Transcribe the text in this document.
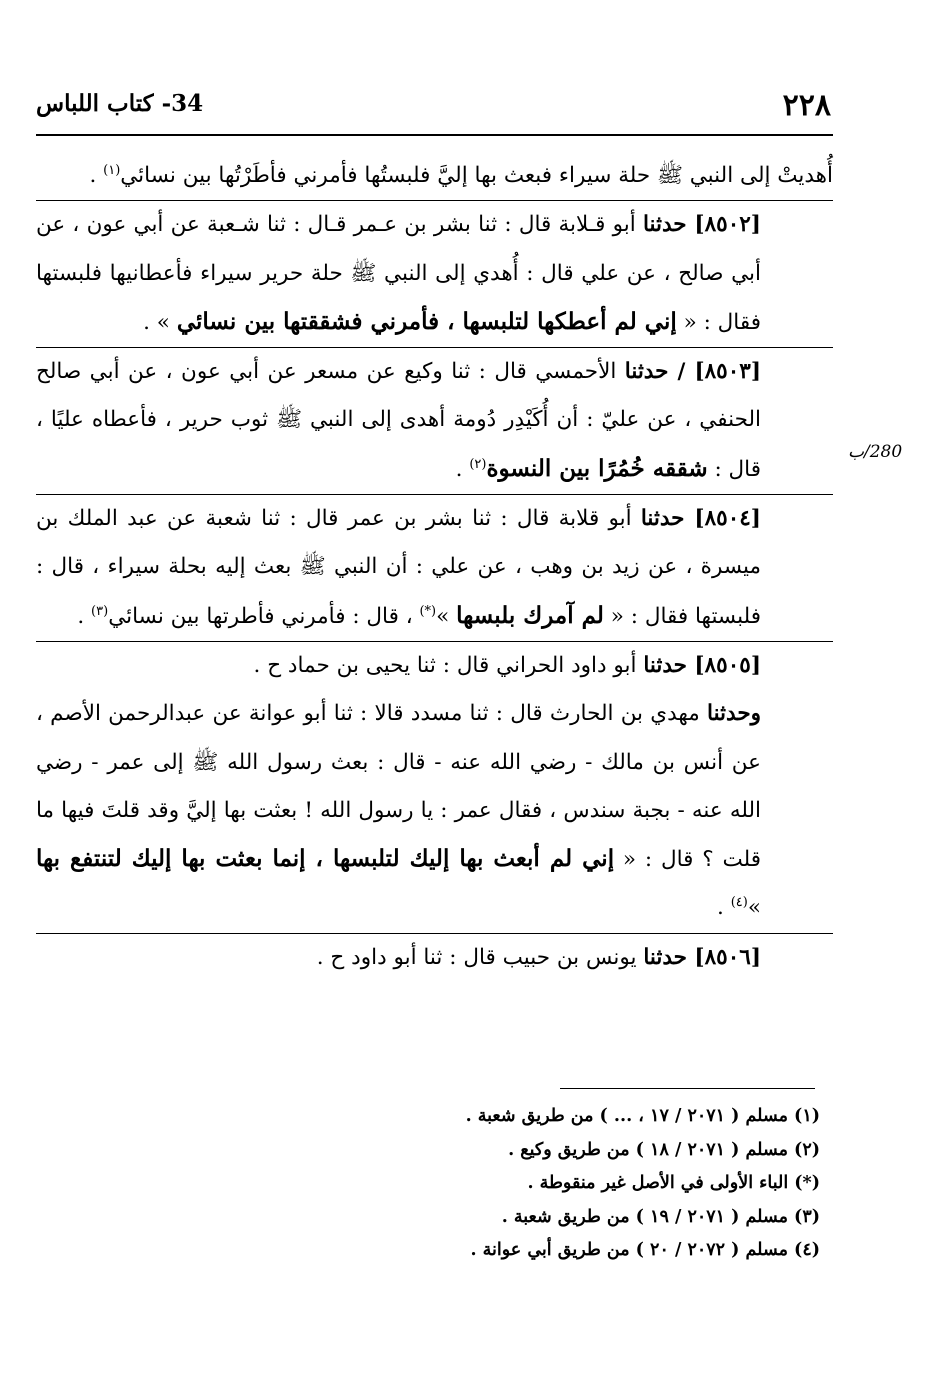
٢٢٨
34- كتاب اللباس
280/ب

أُهديتْ إلى النبي ﷺ حلة سيراء فبعث بها إليَّ فلبستُها فأمرني فأطَرْتُها بين نسائي$^{(١)}$ .

[٨٥٠٢] حدثنا أبو قـلابة قال : ثنا بشر بن عـمر قـال : ثنا شـعبة عن أبي عون ، عن أبي صالح ، عن علي قال : أُهدي إلى النبي ﷺ حلة حرير سيراء فأعطانيها فلبستها فقال : « إني لم أعطكها لتلبسها ، فأمرني فشققتها بين نسائي » .

[٨٥٠٣] / حدثنا الأحمسي قال : ثنا وكيع عن مسعر عن أبي عون ، عن أبي صالح الحنفي ، عن عليّ : أن أُكَيْدِر دُومة أهدى إلى النبي ﷺ ثوب حرير ، فأعطاه عليًا ، قال : شققه خُمُرًا بين النسوة$^{(٢)}$ .

[٨٥٠٤] حدثنا أبو قلابة قال : ثنا بشر بن عمر قال : ثنا شعبة عن عبد الملك بن ميسرة ، عن زيد بن وهب ، عن علي : أن النبي ﷺ بعث إليه بحلة سيراء ، قال : فلبستها فقال : « لم آمرك بلبسها »(*) ، قال : فأمرني فأطرتها بين نسائي$^{(٣)}$ .

[٨٥٠٥] حدثنا أبو داود الحراني قال : ثنا يحيى بن حماد ح .

وحدثنا مهدي بن الحارث قال : ثنا مسدد قالا : ثنا أبو عوانة عن عبدالرحمن الأصم ، عن أنس بن مالك - رضي الله عنه - قال : بعث رسول الله ﷺ إلى عمر - رضي الله عنه - بجبة سندس ، فقال عمر : يا رسول الله ! بعثت بها إليَّ وقد قلتَ فيها ما قلت ؟ قال : « إني لم أبعث بها إليك لتلبسها ، إنما بعثت بها إليك لتنتفع بها »$^{(٤)}$ .

[٨٥٠٦] حدثنا يونس بن حبيب قال : ثنا أبو داود ح .

(١) مسلم ( ٢٠٧١ / ١٧ ، ... ) من طريق شعبة .

(٢) مسلم ( ٢٠٧١ / ١٨ ) من طريق وكيع .

(*) الباء الأولى في الأصل غير منقوطة .

(٣) مسلم ( ٢٠٧١ / ١٩ ) من طريق شعبة .

(٤) مسلم ( ٢٠٧٢ / ٢٠ ) من طريق أبي عوانة .
